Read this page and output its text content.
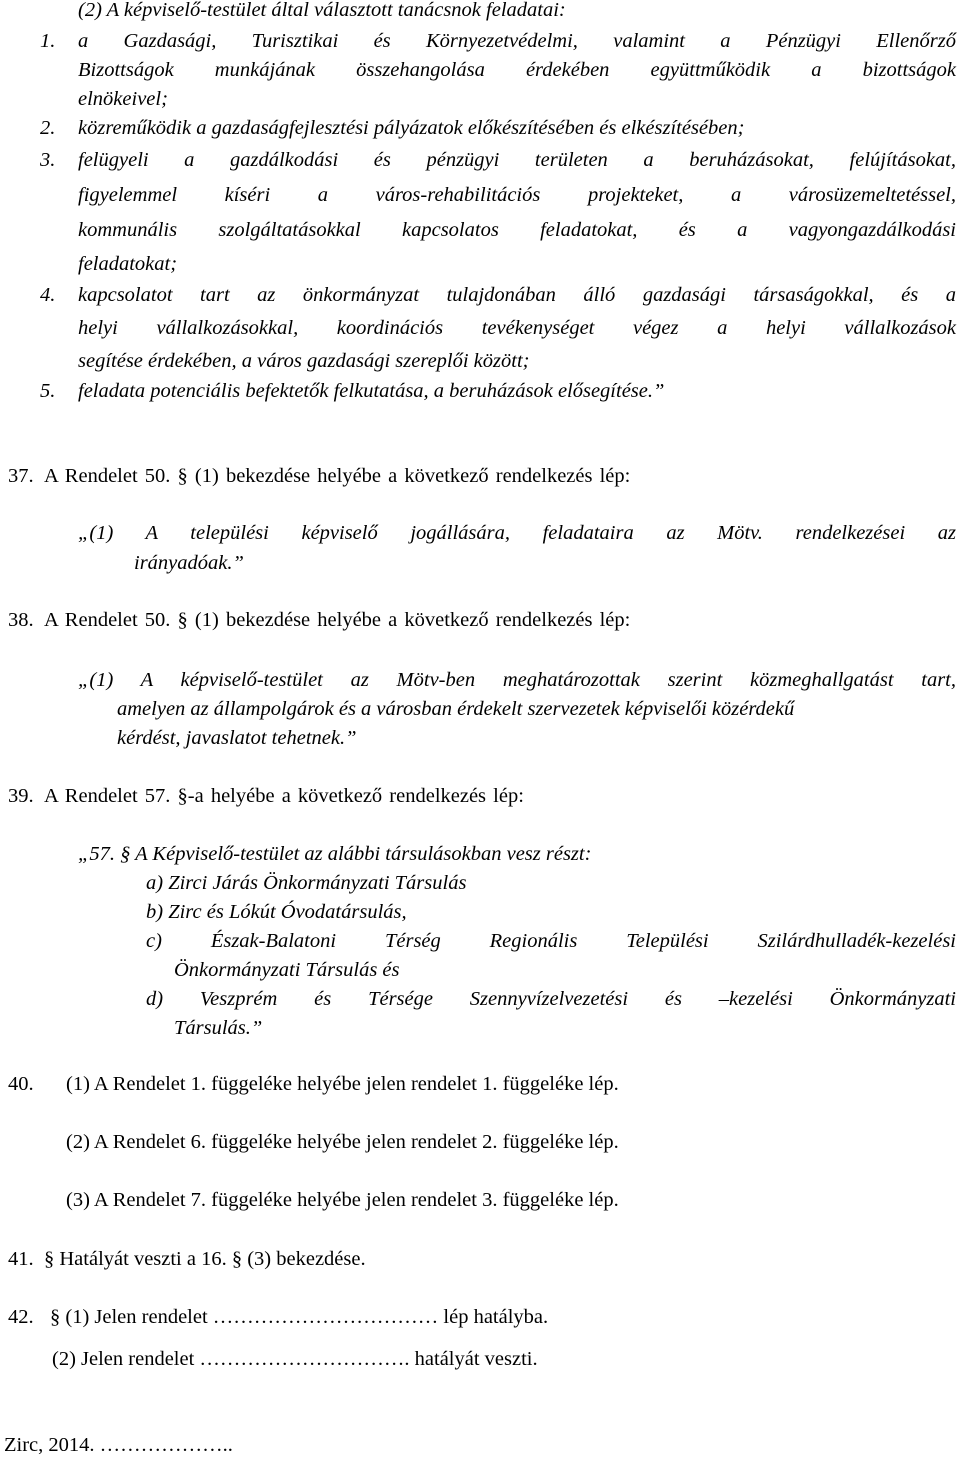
(2) A képviselő-testület által választott tanácsnok feladatai:
1. a Gazdasági, Turisztikai és Környezetvédelmi, valamint a Pénzügyi Ellenőrző
Bizottságok munkájának összehangolása érdekében együttműködik a bizottságok
elnökeivel;
2. közreműködik a gazdaságfejlesztési pályázatok előkészítésében és elkészítésében;
3. felügyeli a gazdálkodási és pénzügyi területen a beruházásokat, felújításokat,
figyelemmel kíséri a város-rehabilitációs projekteket, a városüzemeltetéssel,
kommunális szolgáltatásokkal kapcsolatos feladatokat, és a vagyongazdálkodási
feladatokat;
4. kapcsolatot tart az önkormányzat tulajdonában álló gazdasági társaságokkal, és a
helyi vállalkozásokkal, koordinációs tevékenységet végez a helyi vállalkozások
segítése érdekében, a város gazdasági szereplői között;
5. feladata potenciális befektetők felkutatása, a beruházások elősegítése.”
37. A Rendelet 50. § (1) bekezdése helyébe a következő rendelkezés lép:
„(1) A települési képviselő jogállására, feladataira az Mötv. rendelkezései az
irányadóak.”
38. A Rendelet 50. § (1) bekezdése helyébe a következő rendelkezés lép:
„(1) A képviselő-testület az Mötv-ben meghatározottak szerint közmeghallgatást tart,
amelyen az állampolgárok és a városban érdekelt szervezetek képviselői közérdekű
kérdést, javaslatot tehetnek.”
39. A Rendelet 57. §-a helyébe a következő rendelkezés lép:
„57. § A Képviselő-testület az alábbi társulásokban vesz részt:
a) Zirci Járás Önkormányzati Társulás
b) Zirc és Lókút Óvodatársulás,
c) Észak-Balatoni Térség Regionális Települési Szilárdhulladék-kezelési
Önkormányzati Társulás és
d) Veszprém és Térsége Szennyvízelvezetési és –kezelési Önkormányzati
Társulás.”
40. (1) A Rendelet 1. függeléke helyébe jelen rendelet 1. függeléke lép.
(2) A Rendelet 6. függeléke helyébe jelen rendelet 2. függeléke lép.
(3) A Rendelet 7. függeléke helyébe jelen rendelet 3. függeléke lép.
41. § Hatályát veszti a 16. § (3) bekezdése.
42. § (1) Jelen rendelet …………………………… lép hatályba.
(2) Jelen rendelet …………………………. hatályát veszti.
Zirc, 2014. ………………..
